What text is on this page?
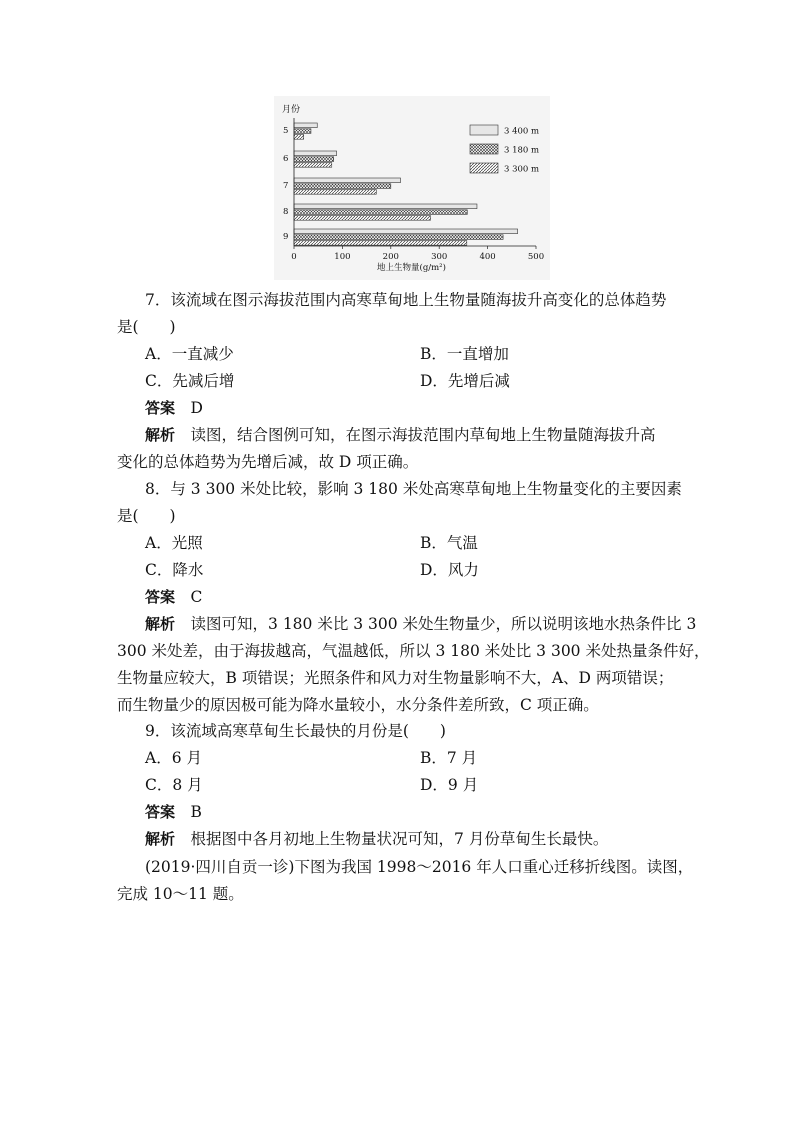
月份
5
6
7
8
9
0	100	200	300	400	500
地上生物量(g/m²)
3 400 m
3 180 m
3 300 m
7．该流域在图示海拔范围内高寒草甸地上生物量随海拔升高变化的总体趋势
是(　　)
A．一直减少	B．一直增加
C．先减后增	D．先增后减
答案　 D
解析　 读图，结合图例可知，在图示海拔范围内草甸地上生物量随海拔升高
变化的总体趋势为先增后减，故 D 项正确。
8．与 3 300 米处比较，影响 3 180 米处高寒草甸地上生物量变化的主要因素
是(　　)
A．光照	B．气温
C．降水	D．风力
答案　 C
解析　 读图可知，3 180 米比 3 300 米处生物量少，所以说明该地水热条件比 3
300 米处差，由于海拔越高，气温越低，所以 3 180 米处比 3 300 米处热量条件好，
生物量应较大，B 项错误；光照条件和风力对生物量影响不大，A、D 两项错误；
而生物量少的原因极可能为降水量较小，水分条件差所致，C 项正确。
9．该流域高寒草甸生长最快的月份是(　　)
A．6 月	B．7 月
C．8 月	D．9 月
答案　 B
解析　 根据图中各月初地上生物量状况可知，7 月份草甸生长最快。
(2019·四川自贡一诊)下图为我国 1998～2016 年人口重心迁移折线图。读图，
完成 10～11 题。
